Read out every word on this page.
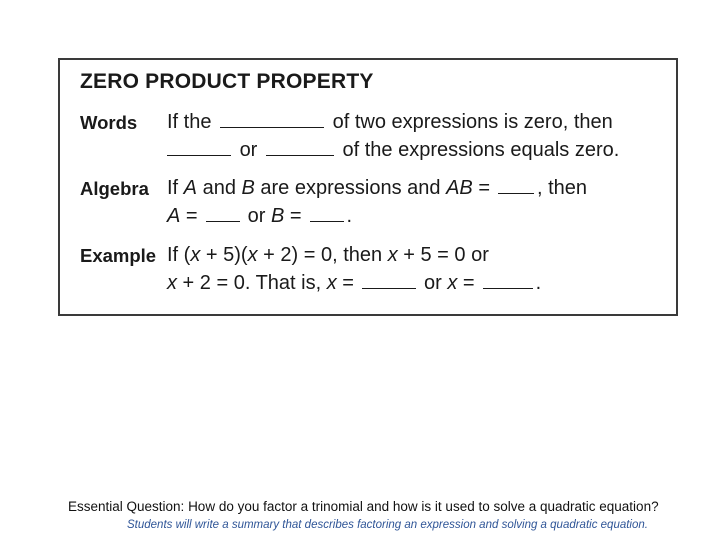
ZERO PRODUCT PROPERTY
Words If the	of two expressions is zero, then
or	of the expressions equals zero.
Algebra If A and B are expressions and AB = , then
A =	or B = .
Example If (x + 5)(x + 2) = 0, then x + 5 = 0 or
x + 2 = 0. That is, x =	or x =	.
Essential Question: How do you factor a trinomial and how is it used to solve a quadratic equation?
Students will write a summary that describes factoring an expression and solving a quadratic equation.
